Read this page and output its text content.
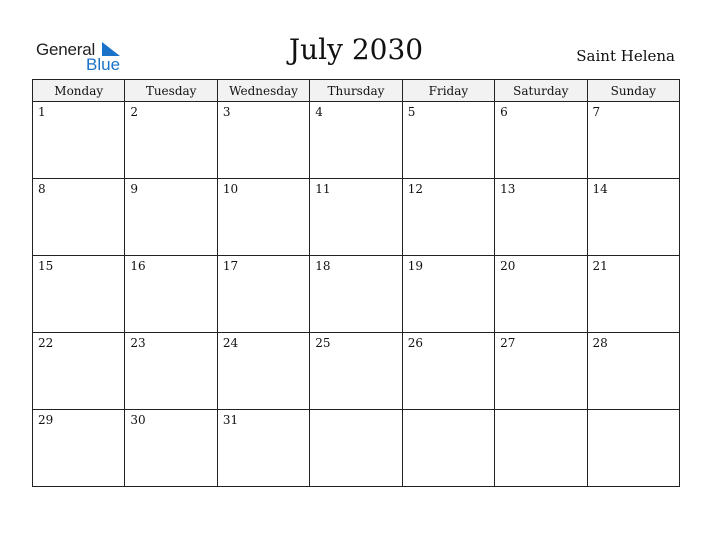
General
Blue	July 2030	Saint Helena
Monday	Tuesday	Wednesday	Thursday	Friday	Saturday	Sunday

1	2	3	4	5	6	7

8	9	10	11	12	13	14

15	16	17	18	19	20	21

22	23	24	25	26	27	28

29	30	31				
